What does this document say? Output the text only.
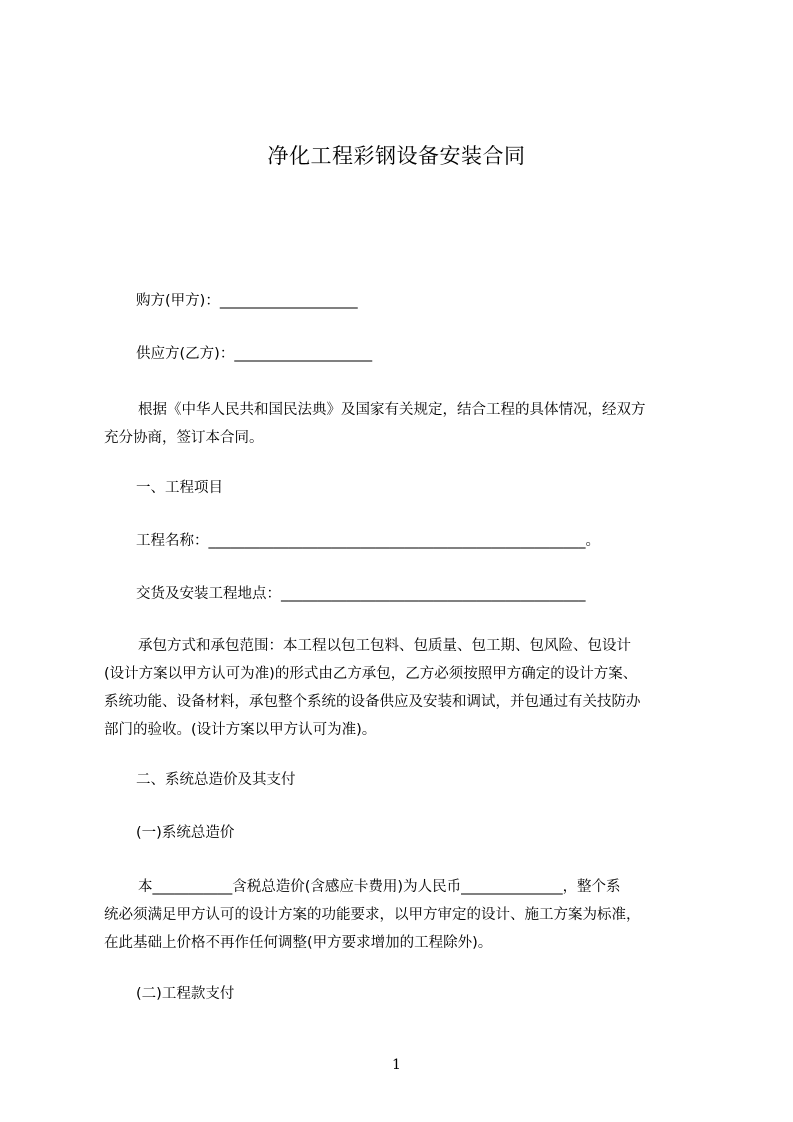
净化工程彩钢设备安装合同
购方(甲方)：___________________
供应方(乙方)：___________________
根据《中华人民共和国民法典》及国家有关规定，结合工程的具体情况，经双方
充分协商，签订本合同。
一、工程项目
工程名称：____________________________________________________。
交货及安装工程地点：__________________________________________
承包方式和承包范围：本工程以包工包料、包质量、包工期、包风险、包设计
(设计方案以甲方认可为准)的形式由乙方承包，乙方必须按照甲方确定的设计方案、
系统功能、设备材料，承包整个系统的设备供应及安装和调试，并包通过有关技防办
部门的验收。(设计方案以甲方认可为准)。
二、系统总造价及其支付
(一)系统总造价
本___________含税总造价(含感应卡费用)为人民币______________，整个系
统必须满足甲方认可的设计方案的功能要求，以甲方审定的设计、施工方案为标准，
在此基础上价格不再作任何调整(甲方要求增加的工程除外)。
(二)工程款支付
1
